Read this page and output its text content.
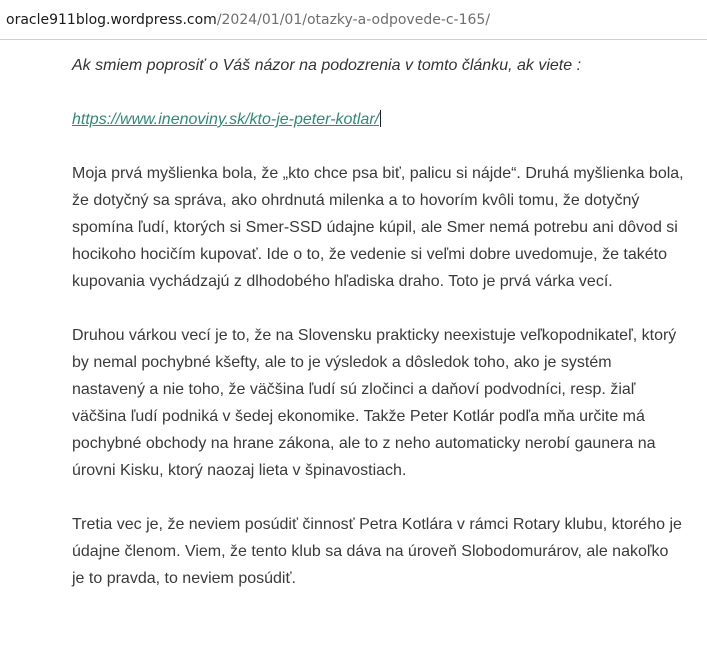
oracle911blog.wordpress.com/2024/01/01/otazky-a-odpovede-c-165/

Ak smiem poprosiť o Váš názor na podozrenia v tomto článku, ak viete :

https://www.inenoviny.sk/kto-je-peter-kotlar/

Moja prvá myšlienka bola, že „kto chce psa biť, palicu si nájde“. Druhá myšlienka bola, že dotyčný sa správa, ako ohrdnutá milenka a to hovorím kvôli tomu, že dotyčný spomína ľudí, ktorých si Smer-SSD údajne kúpil, ale Smer nemá potrebu ani dôvod si hocikoho hocičím kupovať. Ide o to, že vedenie si veľmi dobre uvedomuje, že takéto kupovania vychádzajú z dlhodobého hľadiska draho. Toto je prvá várka vecí.

Druhou várkou vecí je to, že na Slovensku prakticky neexistuje veľkopodnikateľ, ktorý by nemal pochybné kšefty, ale to je výsledok a dôsledok toho, ako je systém nastavený a nie toho, že väčšina ľudí sú zločinci a daňoví podvodníci, resp. žiaľ väčšina ľudí podniká v šedej ekonomike. Takže Peter Kotlár podľa mňa určite má pochybné obchody na hrane zákona, ale to z neho automaticky nerobí gaunera na úrovni Kisku, ktorý naozaj lieta v špinavostiach.

Tretia vec je, že neviem posúdiť činnosť Petra Kotlára v rámci Rotary klubu, ktorého je údajne členom. Viem, že tento klub sa dáva na úroveň Slobodomurárov, ale nakoľko je to pravda, to neviem posúdiť.
